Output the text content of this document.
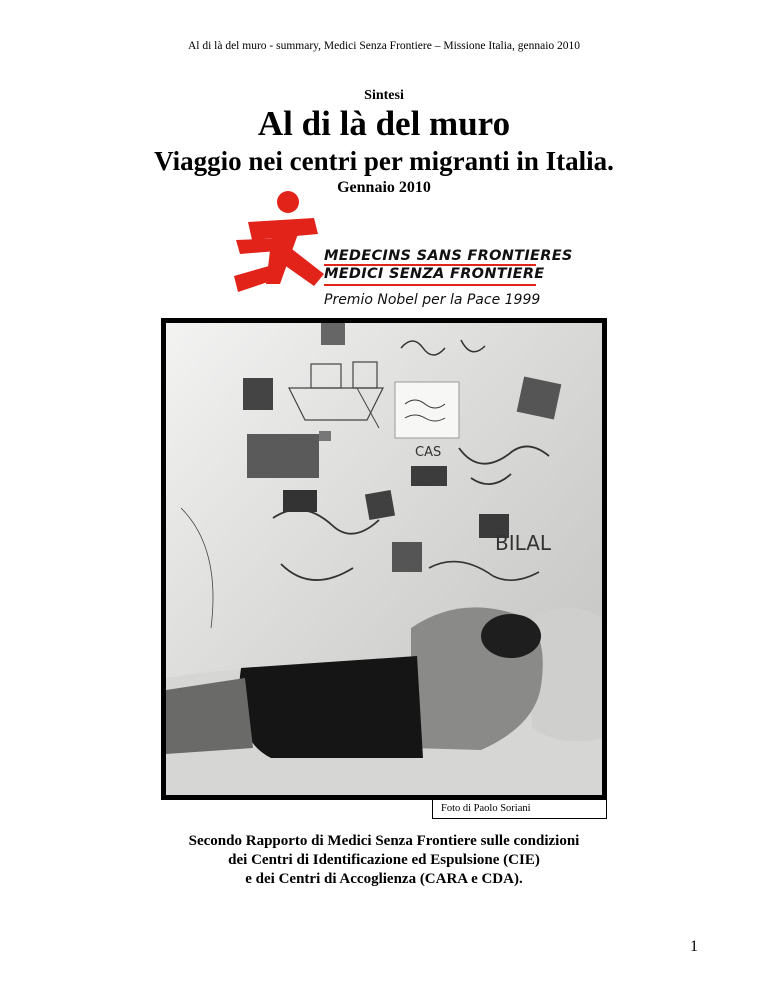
Al di là del muro - summary, Medici Senza Frontiere – Missione Italia, gennaio 2010
Sintesi
Al di là del muro
Viaggio nei centri per migranti in Italia.
Gennaio 2010
MEDECINS SANS FRONTIERES
MEDICI SENZA FRONTIERE
Premio Nobel per la Pace 1999
CAS
BILAL
Foto di Paolo Soriani
Secondo Rapporto di Medici Senza Frontiere sulle condizioni
dei Centri di Identificazione ed Espulsione (CIE)
e dei Centri di Accoglienza (CARA e CDA).
1
